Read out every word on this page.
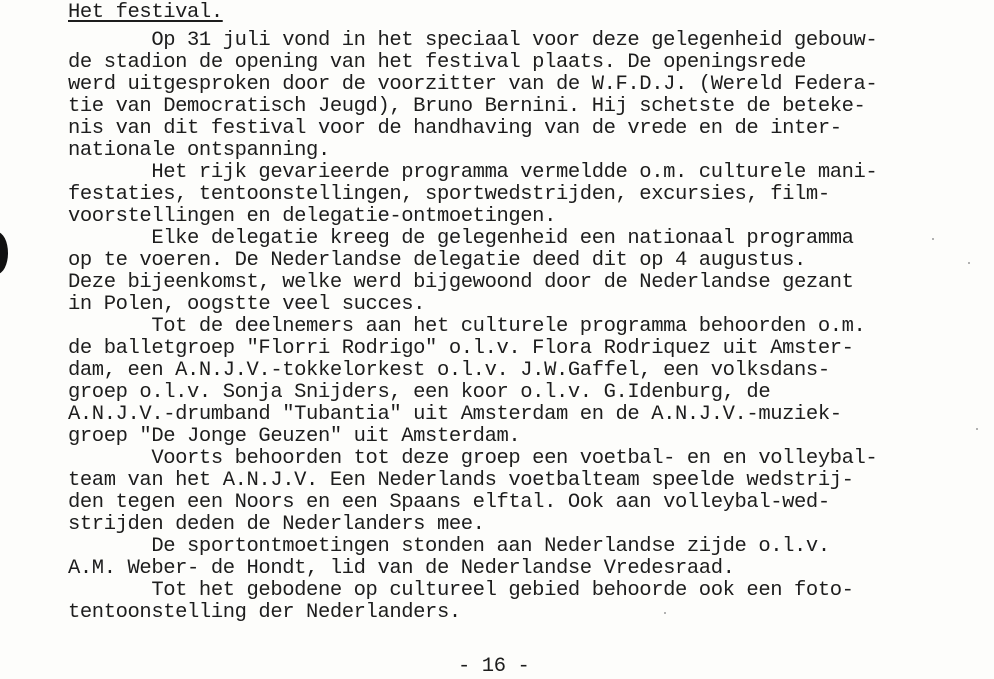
Het festival.
Op 31 juli vond in het speciaal voor deze gelegenheid gebouw-
de stadion de opening van het festival plaats. De openingsrede
werd uitgesproken door de voorzitter van de W.F.D.J. (Wereld Federa-
tie van Democratisch Jeugd), Bruno Bernini. Hij schetste de beteke-
nis van dit festival voor de handhaving van de vrede en de inter-
nationale ontspanning.
Het rijk gevarieerde programma vermeldde o.m. culturele mani-
festaties, tentoonstellingen, sportwedstrijden, excursies, film-
voorstellingen en delegatie-ontmoetingen.
Elke delegatie kreeg de gelegenheid een nationaal programma
op te voeren. De Nederlandse delegatie deed dit op 4 augustus.
Deze bijeenkomst, welke werd bijgewoond door de Nederlandse gezant
in Polen, oogstte veel succes.
Tot de deelnemers aan het culturele programma behoorden o.m.
de balletgroep "Florri Rodrigo" o.l.v. Flora Rodriquez uit Amster-
dam, een A.N.J.V.-tokkelorkest o.l.v. J.W.Gaffel, een volksdans-
groep o.l.v. Sonja Snijders, een koor o.l.v. G.Idenburg, de
A.N.J.V.-drumband "Tubantia" uit Amsterdam en de A.N.J.V.-muziek-
groep "De Jonge Geuzen" uit Amsterdam.
Voorts behoorden tot deze groep een voetbal- en en volleybal-
team van het A.N.J.V. Een Nederlands voetbalteam speelde wedstrij-
den tegen een Noors en een Spaans elftal. Ook aan volleybal-wed-
strijden deden de Nederlanders mee.
De sportontmoetingen stonden aan Nederlandse zijde o.l.v.
A.M. Weber- de Hondt, lid van de Nederlandse Vredesraad.
Tot het gebodene op cultureel gebied behoorde ook een foto-
tentoonstelling der Nederlanders.
- 16 -
